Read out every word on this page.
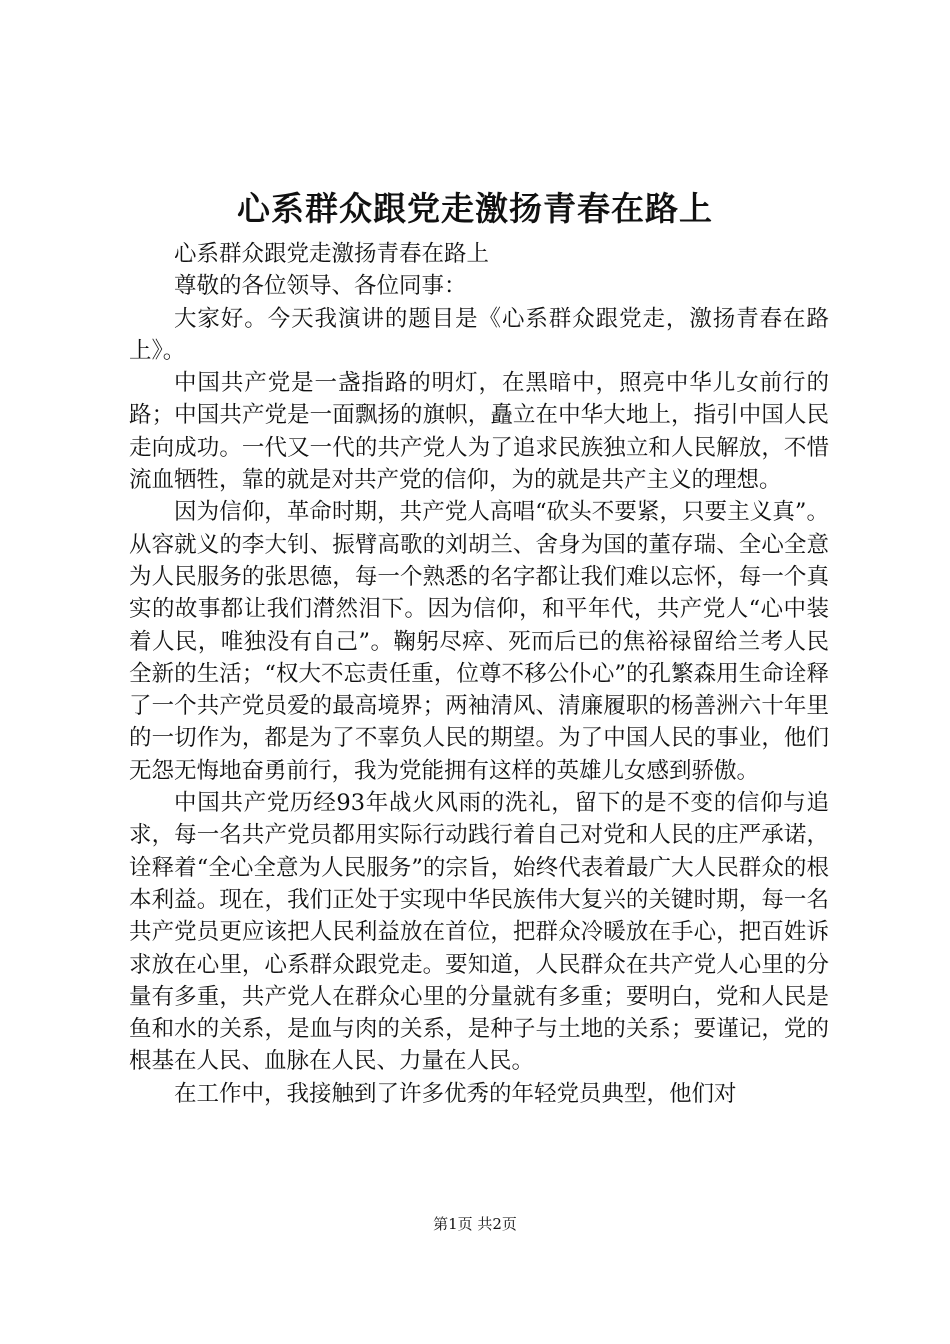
心系群众跟党走激扬青春在路上

心系群众跟党走激扬青春在路上

尊敬的各位领导、各位同事：

大家好。今天我演讲的题目是《心系群众跟党走，激扬青春在路上》。

中国共产党是一盏指路的明灯，在黑暗中，照亮中华儿女前行的路；中国共产党是一面飘扬的旗帜，矗立在中华大地上，指引中国人民走向成功。一代又一代的共产党人为了追求民族独立和人民解放，不惜流血牺牲，靠的就是对共产党的信仰，为的就是共产主义的理想。

因为信仰，革命时期，共产党人高唱“砍头不要紧，只要主义真”。从容就义的李大钊、振臂高歌的刘胡兰、舍身为国的董存瑞、全心全意为人民服务的张思德，每一个熟悉的名字都让我们难以忘怀，每一个真实的故事都让我们潸然泪下。因为信仰，和平年代，共产党人“心中装着人民，唯独没有自己”。鞠躬尽瘁、死而后已的焦裕禄留给兰考人民全新的生活；“权大不忘责任重，位尊不移公仆心”的孔繁森用生命诠释了一个共产党员爱的最高境界；两袖清风、清廉履职的杨善洲六十年里的一切作为，都是为了不辜负人民的期望。为了中国人民的事业，他们无怨无悔地奋勇前行，我为党能拥有这样的英雄儿女感到骄傲。

中国共产党历经93年战火风雨的洗礼，留下的是不变的信仰与追求，每一名共产党员都用实际行动践行着自己对党和人民的庄严承诺，诠释着“全心全意为人民服务”的宗旨，始终代表着最广大人民群众的根本利益。现在，我们正处于实现中华民族伟大复兴的关键时期，每一名共产党员更应该把人民利益放在首位，把群众冷暖放在手心，把百姓诉求放在心里，心系群众跟党走。要知道，人民群众在共产党人心里的分量有多重，共产党人在群众心里的分量就有多重；要明白，党和人民是鱼和水的关系，是血与肉的关系，是种子与土地的关系；要谨记，党的根基在人民、血脉在人民、力量在人民。

在工作中，我接触到了许多优秀的年轻党员典型，他们对

第1页 共2页
